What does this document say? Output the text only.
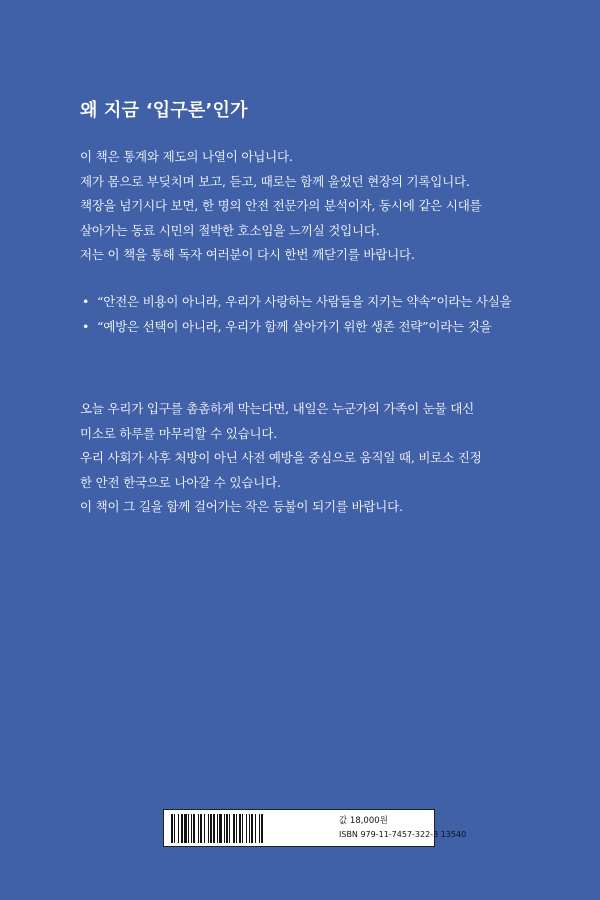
왜 지금 ‘입구론’인가

이 책은 통계와 제도의 나열이 아닙니다.

제가 몸으로 부딪치며 보고, 듣고, 때로는 함께 울었던 현장의 기록입니다.

책장을 넘기시다 보면, 한 명의 안전 전문가의 분석이자, 동시에 같은 시대를

살아가는 동료 시민의 절박한 호소임을 느끼실 것입니다.

저는 이 책을 통해 독자 여러분이 다시 한번 깨닫기를 바랍니다.

• “안전은 비용이 아니라, 우리가 사랑하는 사람들을 지키는 약속”이라는 사실을
• “예방은 선택이 아니라, 우리가 함께 살아가기 위한 생존 전략”이라는 것을

오늘 우리가 입구를 촘촘하게 막는다면, 내일은 누군가의 가족이 눈물 대신

미소로 하루를 마무리할 수 있습니다.

우리 사회가 사후 처방이 아닌 사전 예방을 중심으로 움직일 때, 비로소 진정

한 안전 한국으로 나아갈 수 있습니다.

이 책이 그 길을 함께 걸어가는 작은 등불이 되기를 바랍니다.

값 18,000원
ISBN 979-11-7457-322-3 13540
